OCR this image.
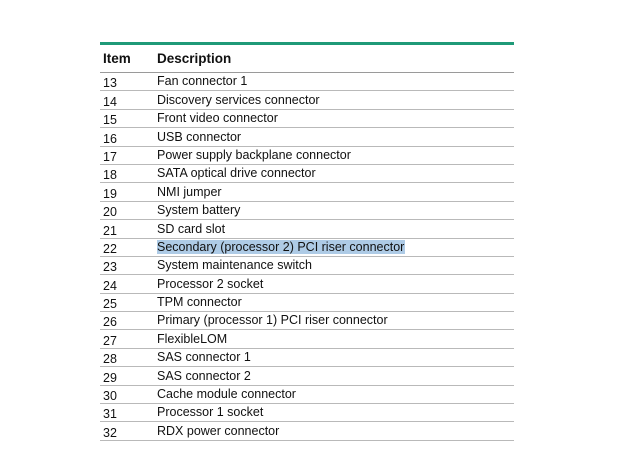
Item	Description
13	Fan connector 1
14	Discovery services connector
15	Front video connector
16	USB connector
17	Power supply backplane connector
18	SATA optical drive connector
19	NMI jumper
20	System battery
21	SD card slot
22	Secondary (processor 2) PCI riser connector
23	System maintenance switch
24	Processor 2 socket
25	TPM connector
26	Primary (processor 1) PCI riser connector
27	FlexibleLOM
28	SAS connector 1
29	SAS connector 2
30	Cache module connector
31	Processor 1 socket
32	RDX power connector
